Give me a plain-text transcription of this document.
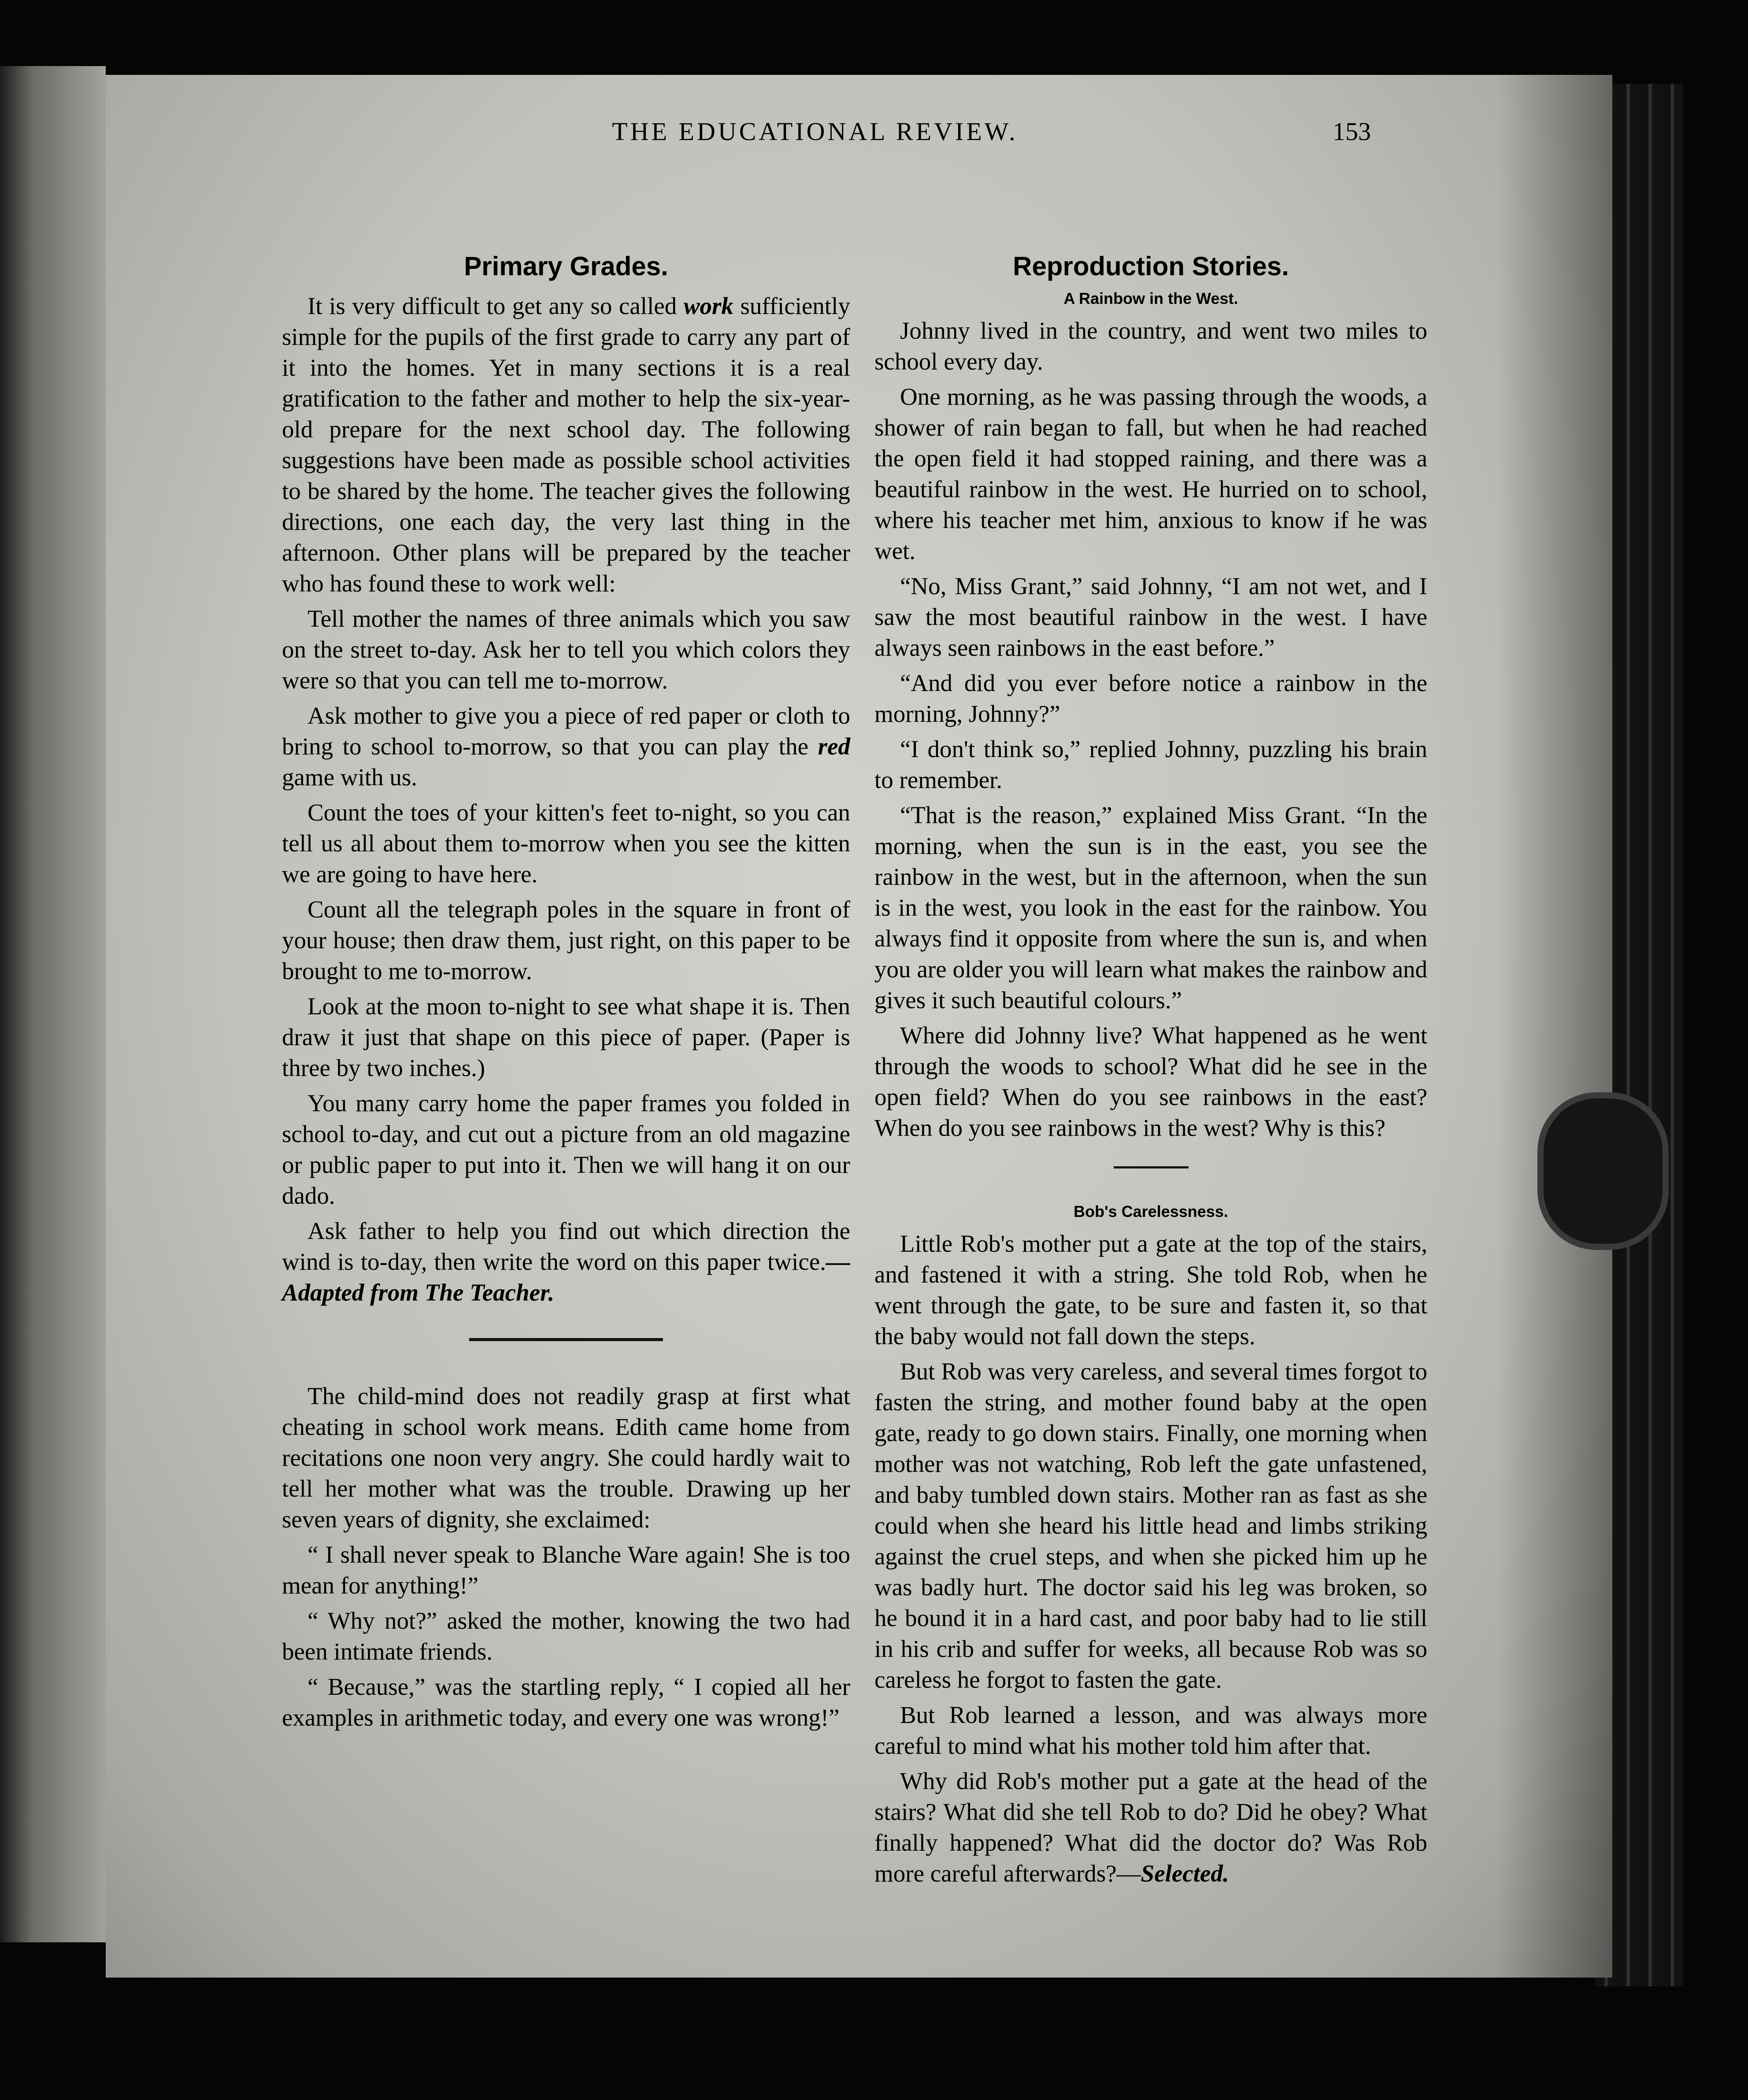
THE EDUCATIONAL REVIEW.	153
Primary Grades.

It is very difficult to get any so called work sufficiently simple for the pupils of the first grade to carry any part of it into the homes. Yet in many sections it is a real gratification to the father and mother to help the six-year-old prepare for the next school day. The following suggestions have been made as possible school activities to be shared by the home. The teacher gives the following directions, one each day, the very last thing in the afternoon. Other plans will be prepared by the teacher who has found these to work well:

Tell mother the names of three animals which you saw on the street to-day. Ask her to tell you which colors they were so that you can tell me to-morrow.

Ask mother to give you a piece of red paper or cloth to bring to school to-morrow, so that you can play the red game with us.

Count the toes of your kitten's feet to-night, so you can tell us all about them to-morrow when you see the kitten we are going to have here.

Count all the telegraph poles in the square in front of your house; then draw them, just right, on this paper to be brought to me to-morrow.

Look at the moon to-night to see what shape it is. Then draw it just that shape on this piece of paper. (Paper is three by two inches.)

You many carry home the paper frames you folded in school to-day, and cut out a picture from an old magazine or public paper to put into it. Then we will hang it on our dado.

Ask father to help you find out which direction the wind is to-day, then write the word on this paper twice.—Adapted from The Teacher.

The child-mind does not readily grasp at first what cheating in school work means. Edith came home from recitations one noon very angry. She could hardly wait to tell her mother what was the trouble. Drawing up her seven years of dignity, she exclaimed:

“ I shall never speak to Blanche Ware again! She is too mean for anything!”

“ Why not?” asked the mother, knowing the two had been intimate friends.

“ Because,” was the startling reply, “ I copied all her examples in arithmetic today, and every one was wrong!”

Reproduction Stories.
A Rainbow in the West.

Johnny lived in the country, and went two miles to school every day.

One morning, as he was passing through the woods, a shower of rain began to fall, but when he had reached the open field it had stopped raining, and there was a beautiful rainbow in the west. He hurried on to school, where his teacher met him, anxious to know if he was wet.

“No, Miss Grant,” said Johnny, “I am not wet, and I saw the most beautiful rainbow in the west. I have always seen rainbows in the east before.”

“And did you ever before notice a rainbow in the morning, Johnny?”

“I don't think so,” replied Johnny, puzzling his brain to remember.

“That is the reason,” explained Miss Grant. “In the morning, when the sun is in the east, you see the rainbow in the west, but in the afternoon, when the sun is in the west, you look in the east for the rainbow. You always find it opposite from where the sun is, and when you are older you will learn what makes the rainbow and gives it such beautiful colours.”

Where did Johnny live? What happened as he went through the woods to school? What did he see in the open field? When do you see rainbows in the east? When do you see rainbows in the west? Why is this?

Bob's Carelessness.

Little Rob's mother put a gate at the top of the stairs, and fastened it with a string. She told Rob, when he went through the gate, to be sure and fasten it, so that the baby would not fall down the steps.

But Rob was very careless, and several times forgot to fasten the string, and mother found baby at the open gate, ready to go down stairs. Finally, one morning when mother was not watching, Rob left the gate unfastened, and baby tumbled down stairs. Mother ran as fast as she could when she heard his little head and limbs striking against the cruel steps, and when she picked him up he was badly hurt. The doctor said his leg was broken, so he bound it in a hard cast, and poor baby had to lie still in his crib and suffer for weeks, all because Rob was so careless he forgot to fasten the gate.

But Rob learned a lesson, and was always more careful to mind what his mother told him after that.

Why did Rob's mother put a gate at the head of the stairs? What did she tell Rob to do? Did he obey? What finally happened? What did the doctor do? Was Rob more careful afterwards?—Selected.
